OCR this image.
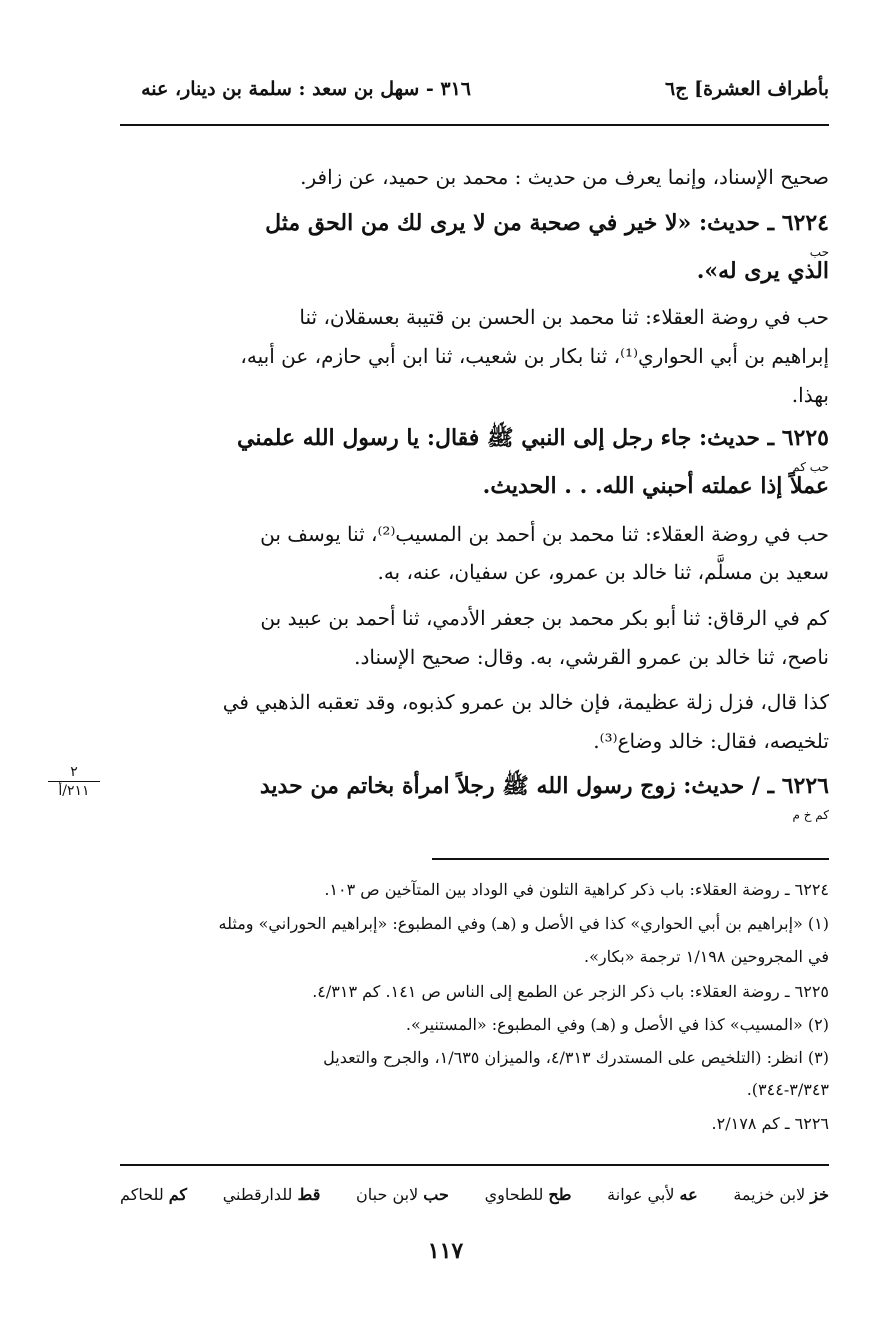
بأطراف العشرة] ج٦
٣١٦ - سهل بن سعد : سلمة بن دينار، عنه
صحيح الإسناد، وإنما يعرف من حديث : محمد بن حميد، عن زافر.
٦٢٢٤ ـ حديث: «لا خير في صحبة من لا يرى لك من الحق مثل
حب
الذي يرى له».
حب في روضة العقلاء: ثنا محمد بن الحسن بن قتيبة بعسقلان، ثنا
إبراهيم بن أبي الحواري⁽¹⁾، ثنا بكار بن شعيب، ثنا ابن أبي حازم، عن أبيه،
بهذا.
٦٢٢٥ ـ حديث: جاء رجل إلى النبي ﷺ فقال: يا رسول الله علمني
حب كم
عملاً إذا عملته أحبني الله. . . الحديث.
حب في روضة العقلاء: ثنا محمد بن أحمد بن المسيب⁽²⁾، ثنا يوسف بن
سعيد بن مسلَّم، ثنا خالد بن عمرو، عن سفيان، عنه، به.
كم في الرقاق: ثنا أبو بكر محمد بن جعفر الأدمي، ثنا أحمد بن عبيد بن
ناصح، ثنا خالد بن عمرو القرشي، به. وقال: صحيح الإسناد.
كذا قال، فزل زلة عظيمة، فإن خالد بن عمرو كذبوه، وقد تعقبه الذهبي في
تلخيصه، فقال: خالد وضاع⁽³⁾.
٦٢٢٦ ـ / حديث: زوج رسول الله ﷺ رجلاً امرأة بخاتم من حديد
كم خ م
٢
٢١١/أ
٦٢٢٤ ـ روضة العقلاء: باب ذكر كراهية التلون في الوداد بين المتآخين ص ١٠٣.
(١) «إبراهيم بن أبي الحواري» كذا في الأصل و (هـ) وفي المطبوع: «إبراهيم الحوراني» ومثله
في المجروحين ١/١٩٨ ترجمة «بكار».
٦٢٢٥ ـ روضة العقلاء: باب ذكر الزجر عن الطمع إلى الناس ص ١٤١. كم ٤/٣١٣.
(٢) «المسيب» كذا في الأصل و (هـ) وفي المطبوع: «المستنير».
(٣) انظر: (التلخيص على المستدرك ٤/٣١٣، والميزان ١/٦٣٥، والجرح والتعديل
٣/٣٤٣-٣٤٤).
٦٢٢٦ ـ كم ٢/١٧٨.
خز لابن خزيمة
عه لأبي عوانة
طح للطحاوي
حب لابن حبان
قط للدارقطني
كم للحاكم
١١٧
